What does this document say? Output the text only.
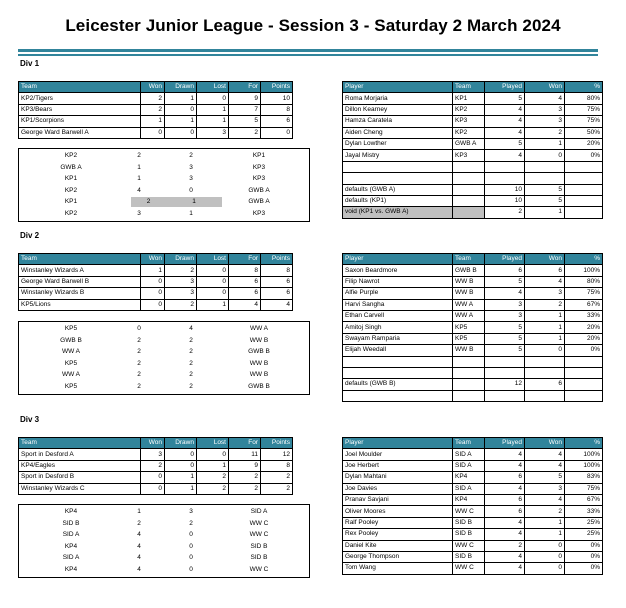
Leicester Junior League - Session 3 - Saturday 2 March 2024
Div 1
Team	Won	Drawn	Lost	For	Points
KP2/Tigers	2	1	0	9	10
KP3/Bears	2	0	1	7	8
KP1/Scorpions	1	1	1	5	6
George Ward Barwell A	0	0	3	2	0
KP2	2	2	KP1
GWB A	1	3	KP3
KP1	1	3	KP3
KP2	4	0	GWB A
KP1	2	1	GWB A
KP2	3	1	KP3
Player	Team	Played	Won	%
Roma Morjaria	KP1	5	4	80%
Dillon Kearney	KP2	4	3	75%
Hamza Caratela	KP3	4	3	75%
Aiden Cheng	KP2	4	2	50%
Dylan Lowther	GWB A	5	1	20%
Jayal Mistry	KP3	4	0	0%

defaults (GWB A)		10	5	
defaults (KP1)		10	5	
void (KP1 vs. GWB A)		2	1	
Div 2
Team	Won	Drawn	Lost	For	Points
Winstanley Wizards A	1	2	0	8	8
George Ward Barwell B	0	3	0	6	6
Winstanley Wizards B	0	3	0	6	6
KP5/Lions	0	2	1	4	4
KP5	0	4	WW A
GWB B	2	2	WW B
WW A	2	2	GWB B
KP5	2	2	WW B
WW A	2	2	WW B
KP5	2	2	GWB B
Player	Team	Played	Won	%
Saxon Beardmore	GWB B	6	6	100%
Filip Nawrot	WW B	5	4	80%
Alfie Purple	WW B	4	3	75%
Harvi Sangha	WW A	3	2	67%
Ethan Carvell	WW A	3	1	33%
Amitoj Singh	KP5	5	1	20%
Swayam Ramparia	KP5	5	1	20%
Elijah Weedall	WW B	5	0	0%

defaults (GWB B)		12	6	

Div 3
Team	Won	Drawn	Lost	For	Points
Sport in Desford A	3	0	0	11	12
KP4/Eagles	2	0	1	9	8
Sport in Desford B	0	1	2	2	2
Winstanley Wizards C	0	1	2	2	2
KP4	1	3	SID A
SID B	2	2	WW C
SID A	4	0	WW C
KP4	4	0	SID B
SID A	4	0	SID B
KP4	4	0	WW C
Player	Team	Played	Won	%
Joel Moulder	SID A	4	4	100%
Joe Herbert	SID A	4	4	100%
Dylan Mahtani	KP4	6	5	83%
Joe Davies	SID A	4	3	75%
Pranav Savjani	KP4	6	4	67%
Oliver Moores	WW C	6	2	33%
Ralf Pooley	SID B	4	1	25%
Rex Pooley	SID B	4	1	25%
Daniel Kite	WW C	2	0	0%
George Thompson	SID B	4	0	0%
Tom Wang	WW C	4	0	0%
